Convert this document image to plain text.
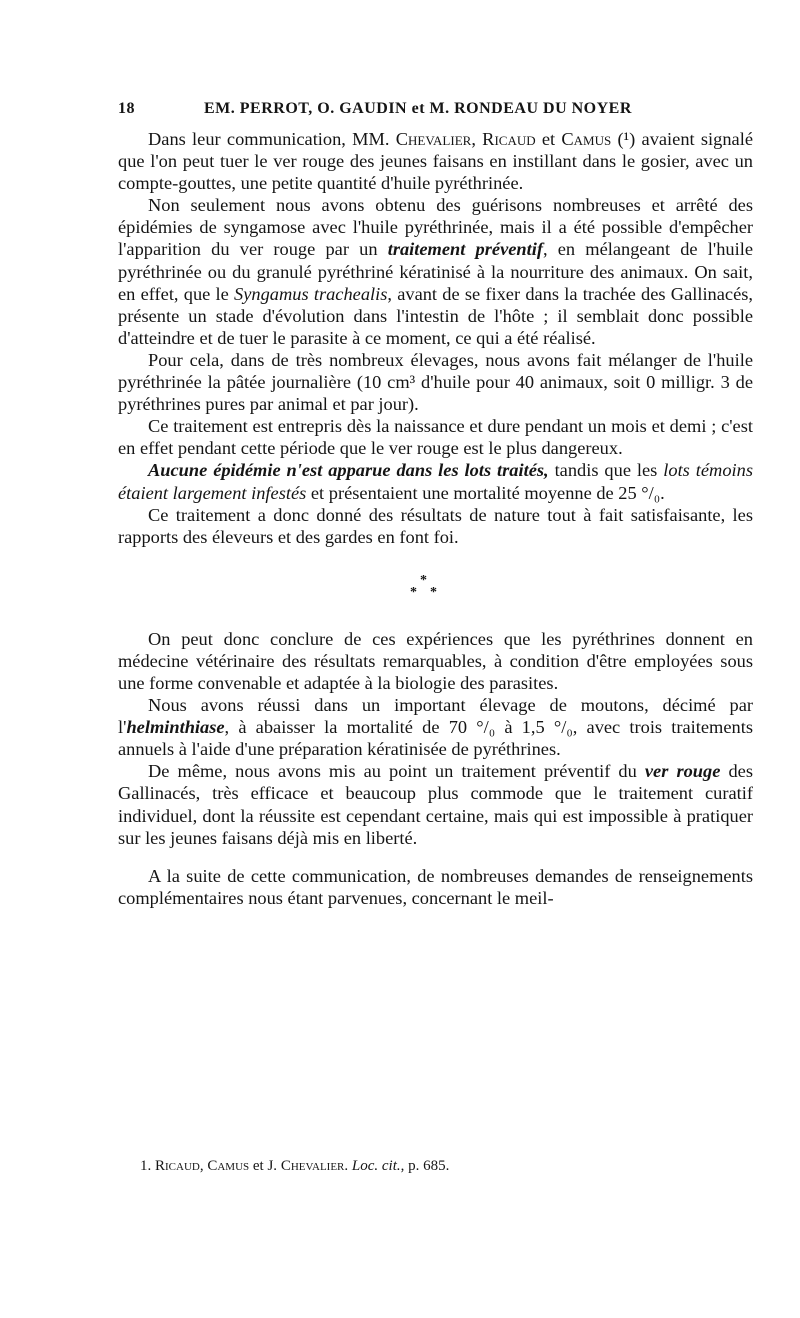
18	EM. PERROT, O. GAUDIN et M. RONDEAU DU NOYER

Dans leur communication, MM. Chevalier, Ricaud et Camus (¹) avaient signalé que l'on peut tuer le ver rouge des jeunes faisans en instillant dans le gosier, avec un compte-gouttes, une petite quantité d'huile pyréthrinée.

Non seulement nous avons obtenu des guérisons nombreuses et arrêté des épidémies de syngamose avec l'huile pyréthrinée, mais il a été possible d'empêcher l'apparition du ver rouge par un traitement préventif, en mélangeant de l'huile pyréthrinée ou du granulé pyréthriné kératinisé à la nourriture des animaux. On sait, en effet, que le Syngamus trachealis, avant de se fixer dans la trachée des Gallinacés, présente un stade d'évolution dans l'intestin de l'hôte ; il semblait donc possible d'atteindre et de tuer le parasite à ce moment, ce qui a été réalisé.

Pour cela, dans de très nombreux élevages, nous avons fait mélanger de l'huile pyréthrinée la pâtée journalière (10 cm³ d'huile pour 40 animaux, soit 0 milligr. 3 de pyréthrines pures par animal et par jour).

Ce traitement est entrepris dès la naissance et dure pendant un mois et demi ; c'est en effet pendant cette période que le ver rouge est le plus dangereux.

Aucune épidémie n'est apparue dans les lots traités, tandis que les lots témoins étaient largement infestés et présentaient une mortalité moyenne de 25 °/₀.

Ce traitement a donc donné des résultats de nature tout à fait satisfaisante, les rapports des éleveurs et des gardes en font foi.

*
* *

On peut donc conclure de ces expériences que les pyréthrines donnent en médecine vétérinaire des résultats remarquables, à condition d'être employées sous une forme convenable et adaptée à la biologie des parasites.

Nous avons réussi dans un important élevage de moutons, décimé par l'helminthiase, à abaisser la mortalité de 70 °/₀ à 1,5 °/₀, avec trois traitements annuels à l'aide d'une préparation kératinisée de pyréthrines.

De même, nous avons mis au point un traitement préventif du ver rouge des Gallinacés, très efficace et beaucoup plus commode que le traitement curatif individuel, dont la réussite est cependant certaine, mais qui est impossible à pratiquer sur les jeunes faisans déjà mis en liberté.

A la suite de cette communication, de nombreuses demandes de renseignements complémentaires nous étant parvenues, concernant le meil-

1. Ricaud, Camus et J. Chevalier. Loc. cit., p. 685.
